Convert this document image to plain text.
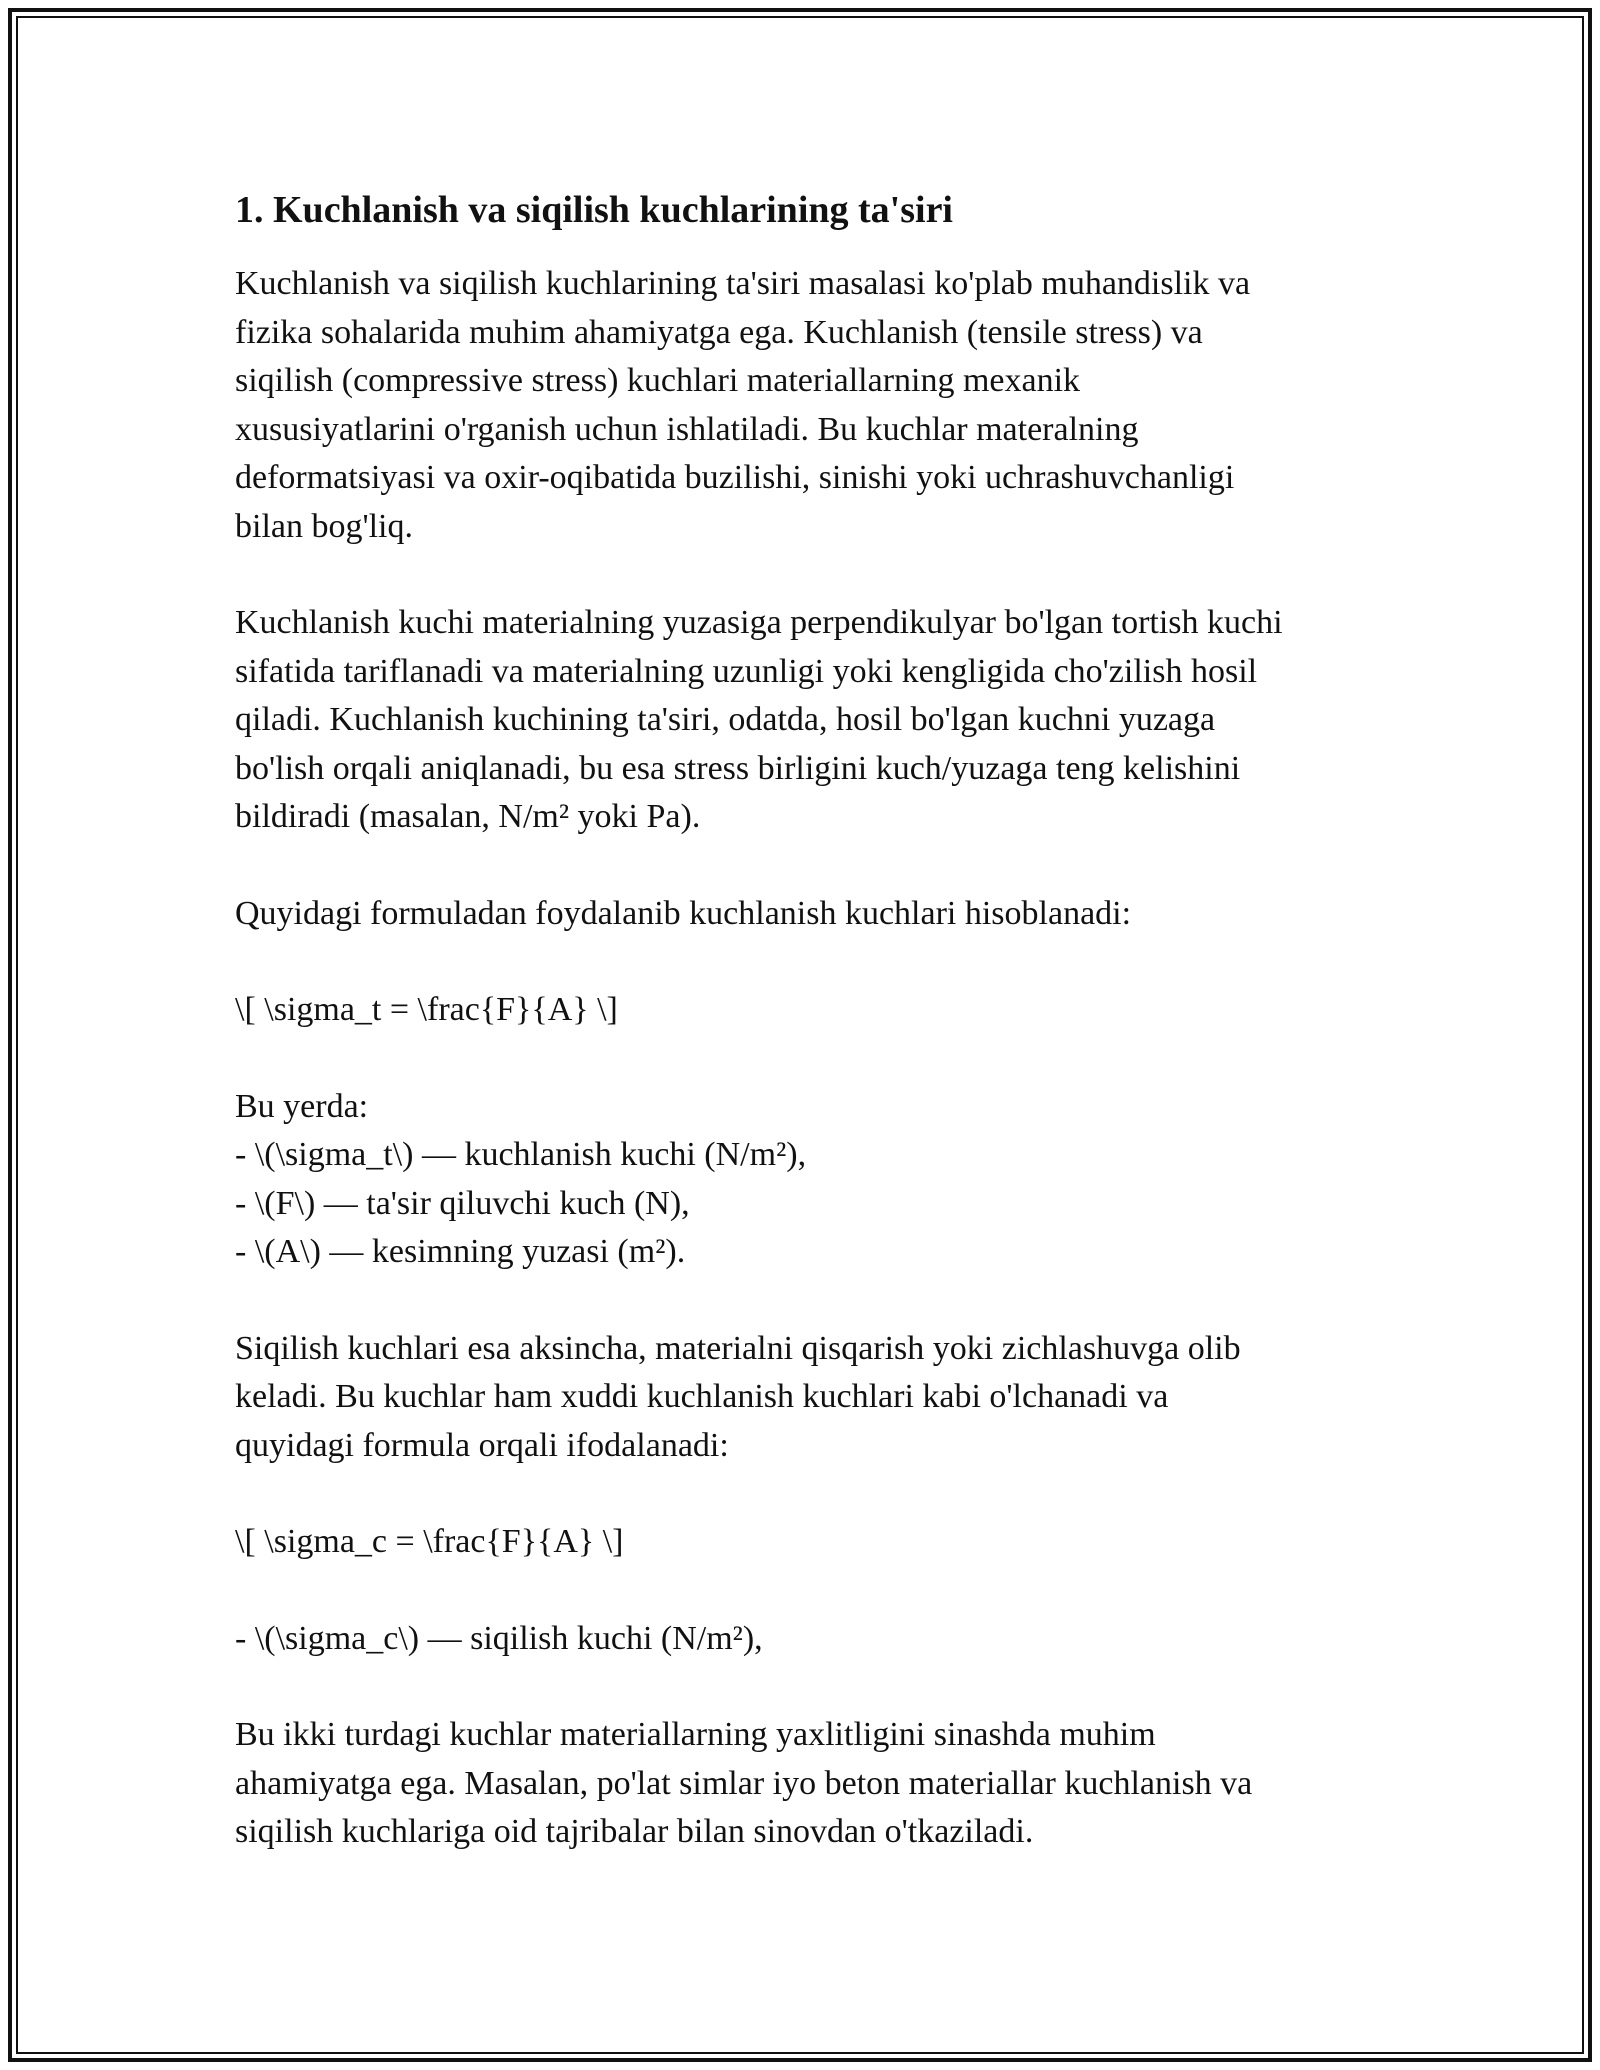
1. Kuchlanish va siqilish kuchlarining ta'siri

Kuchlanish va siqilish kuchlarining ta'siri masalasi ko'plab muhandislik va
fizika sohalarida muhim ahamiyatga ega. Kuchlanish (tensile stress) va
siqilish (compressive stress) kuchlari materiallarning mexanik
xususiyatlarini o'rganish uchun ishlatiladi. Bu kuchlar materalning
deformatsiyasi va oxir-oqibatida buzilishi, sinishi yoki uchrashuvchanligi
bilan bog'liq.

Kuchlanish kuchi materialning yuzasiga perpendikulyar bo'lgan tortish kuchi
sifatida tariflanadi va materialning uzunligi yoki kengligida cho'zilish hosil
qiladi. Kuchlanish kuchining ta'siri, odatda, hosil bo'lgan kuchni yuzaga
bo'lish orqali aniqlanadi, bu esa stress birligini kuch/yuzaga teng kelishini
bildiradi (masalan, N/m² yoki Pa).

Quyidagi formuladan foydalanib kuchlanish kuchlari hisoblanadi:

\[ \sigma_t = \frac{F}{A} \]

Bu yerda:
- \(\sigma_t\) — kuchlanish kuchi (N/m²),
- \(F\) — ta'sir qiluvchi kuch (N),
- \(A\) — kesimning yuzasi (m²).

Siqilish kuchlari esa aksincha, materialni qisqarish yoki zichlashuvga olib
keladi. Bu kuchlar ham xuddi kuchlanish kuchlari kabi o'lchanadi va
quyidagi formula orqali ifodalanadi:

\[ \sigma_c = \frac{F}{A} \]

- \(\sigma_c\) — siqilish kuchi (N/m²),

Bu ikki turdagi kuchlar materiallarning yaxlitligini sinashda muhim
ahamiyatga ega. Masalan, po'lat simlar iyo beton materiallar kuchlanish va
siqilish kuchlariga oid tajribalar bilan sinovdan o'tkaziladi.
